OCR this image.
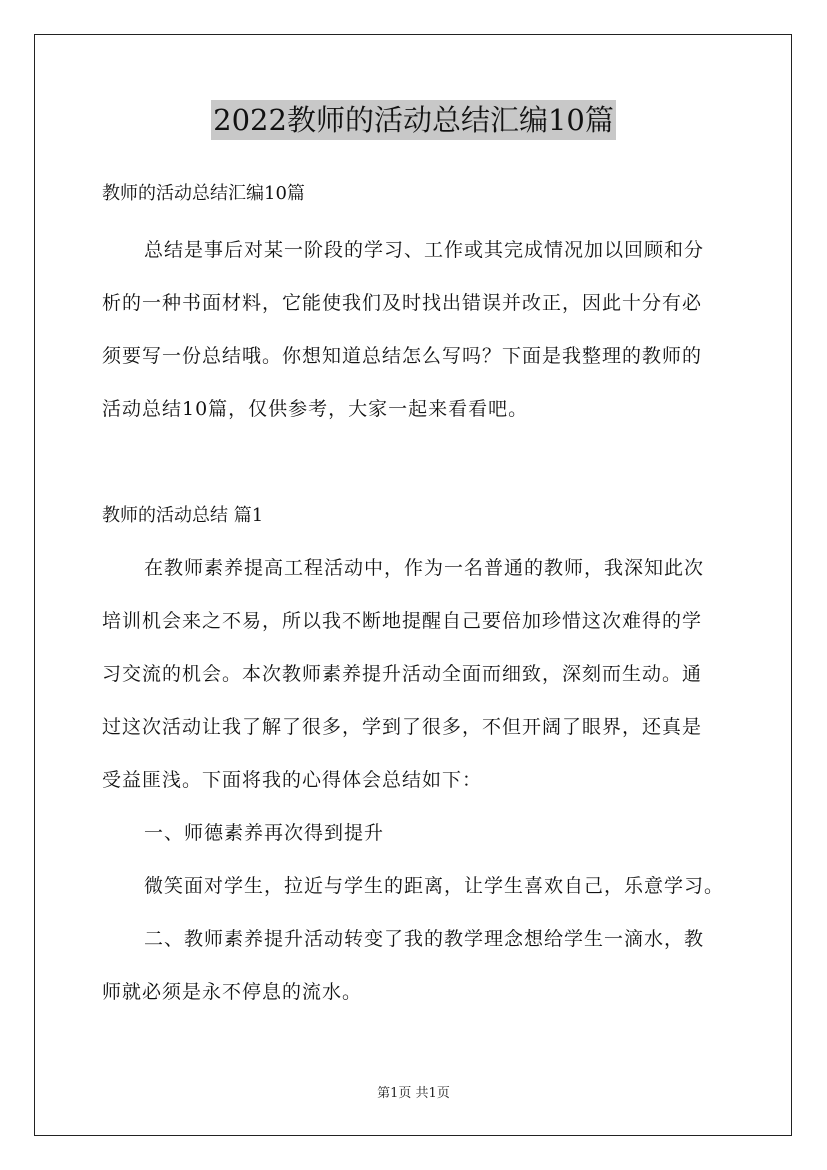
2022教师的活动总结汇编10篇
教师的活动总结汇编10篇
总结是事后对某一阶段的学习、工作或其完成情况加以回顾和分
析的一种书面材料，它能使我们及时找出错误并改正，因此十分有必
须要写一份总结哦。你想知道总结怎么写吗？下面是我整理的教师的
活动总结10篇，仅供参考，大家一起来看看吧。
教师的活动总结 篇1
在教师素养提高工程活动中，作为一名普通的教师，我深知此次
培训机会来之不易，所以我不断地提醒自己要倍加珍惜这次难得的学
习交流的机会。本次教师素养提升活动全面而细致，深刻而生动。通
过这次活动让我了解了很多，学到了很多，不但开阔了眼界，还真是
受益匪浅。下面将我的心得体会总结如下：
一、师德素养再次得到提升
微笑面对学生，拉近与学生的距离，让学生喜欢自己，乐意学习。
二、教师素养提升活动转变了我的教学理念想给学生一滴水，教
师就必须是永不停息的流水。
第1页 共1页
